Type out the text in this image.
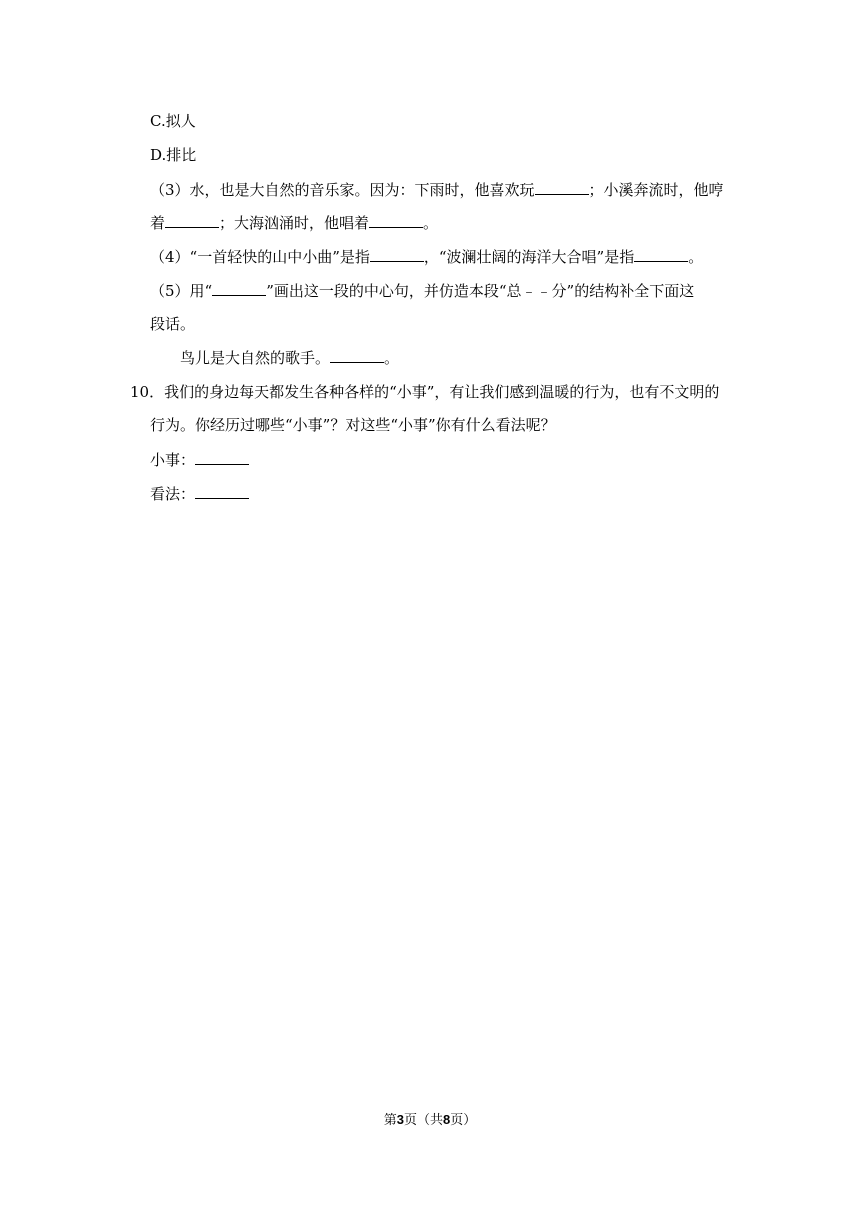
C.拟人
D.排比
（3）水，也是大自然的音乐家。因为：下雨时，他喜欢玩	；小溪奔流时，他哼
着	；大海汹涌时，他唱着	。
（4）“一首轻快的山中小曲”是指	，“波澜壮阔的海洋大合唱”是指	。
（5）用“	”画出这一段的中心句，并仿造本段“总﹣﹣分”的结构补全下面这
段话。
鸟儿是大自然的歌手。	。
10．我们的身边每天都发生各种各样的“小事”，有让我们感到温暖的行为，也有不文明的
行为。你经历过哪些“小事”？对这些“小事”你有什么看法呢？
小事：
看法：
第3页（共8页）
